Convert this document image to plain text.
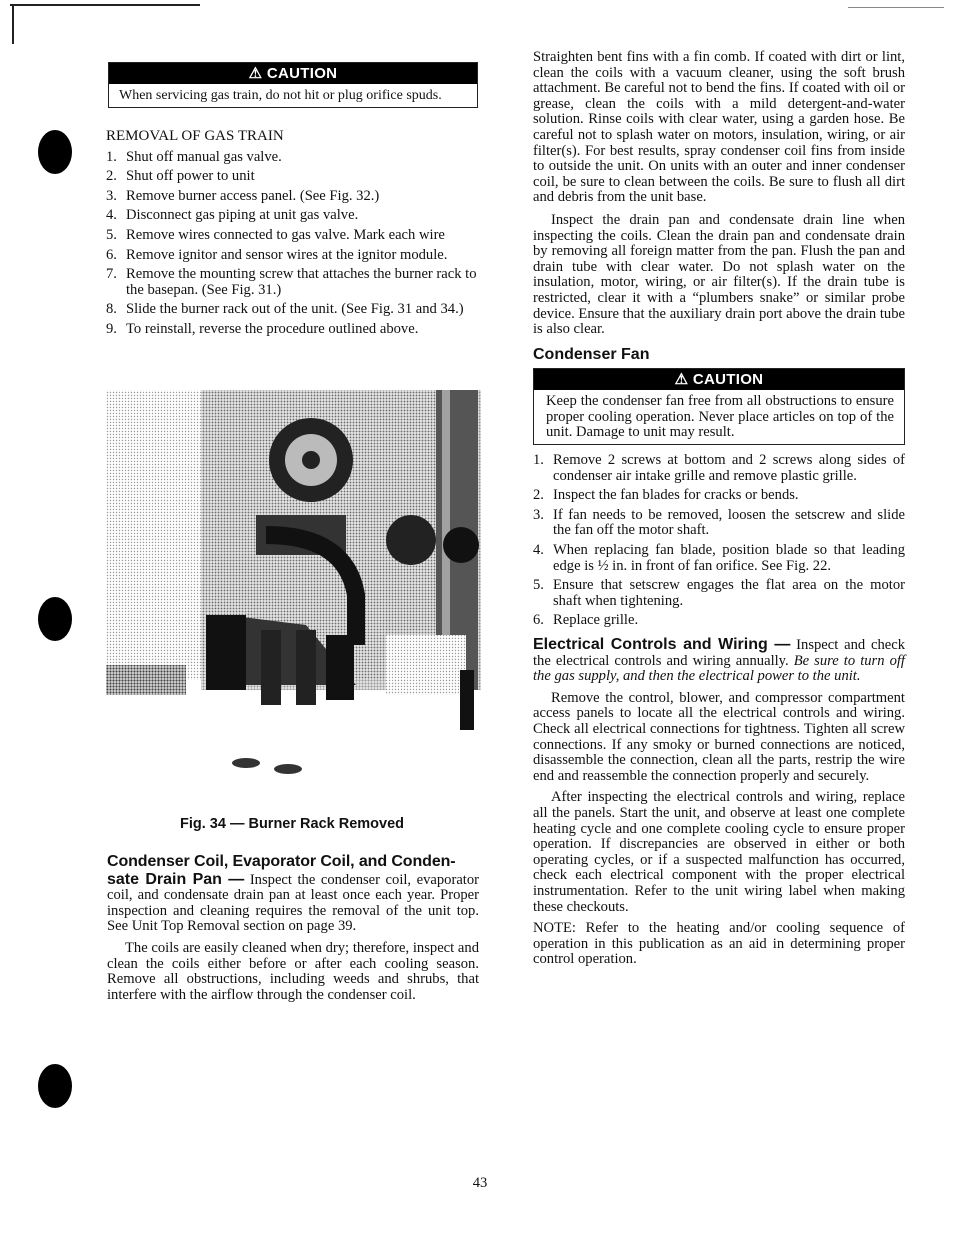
⚠ CAUTION
When servicing gas train, do not hit or plug orifice spuds.

REMOVAL OF GAS TRAIN

1. Shut off manual gas valve.
2. Shut off power to unit
3. Remove burner access panel. (See Fig. 32.)
4. Disconnect gas piping at unit gas valve.
5. Remove wires connected to gas valve. Mark each wire
6. Remove ignitor and sensor wires at the ignitor module.
7. Remove the mounting screw that attaches the burner rack to the basepan. (See Fig. 31.)
8. Slide the burner rack out of the unit. (See Fig. 31 and 34.)
9. To reinstall, reverse the procedure outlined above.
Fig. 34 — Burner Rack Removed
Condenser Coil, Evaporator Coil, and Conden-

sate Drain Pan — Inspect the condenser coil, evaporator coil, and condensate drain pan at least once each year. Proper inspection and cleaning requires the removal of the unit top. See Unit Top Removal section on page 39.

The coils are easily cleaned when dry; therefore, inspect and clean the coils either before or after each cooling season. Remove all obstructions, including weeds and shrubs, that interfere with the airflow through the condenser coil.

Straighten bent fins with a fin comb. If coated with dirt or lint, clean the coils with a vacuum cleaner, using the soft brush attachment. Be careful not to bend the fins. If coated with oil or grease, clean the coils with a mild detergent-and-water solution. Rinse coils with clear water, using a garden hose. Be careful not to splash water on motors, insulation, wiring, or air filter(s). For best results, spray condenser coil fins from inside to outside the unit. On units with an outer and inner condenser coil, be sure to clean between the coils. Be sure to flush all dirt and debris from the unit base.

Inspect the drain pan and condensate drain line when inspecting the coils. Clean the drain pan and condensate drain by removing all foreign matter from the pan. Flush the pan and drain tube with clear water. Do not splash water on the insulation, motor, wiring, or air filter(s). If the drain tube is restricted, clear it with a “plumbers snake” or similar probe device. Ensure that the auxiliary drain port above the drain tube is also clear.

Condenser Fan
⚠ CAUTION
Keep the condenser fan free from all obstructions to ensure proper cooling operation. Never place articles on top of the unit. Damage to unit may result.
1. Remove 2 screws at bottom and 2 screws along sides of condenser air intake grille and remove plastic grille.
2. Inspect the fan blades for cracks or bends.
3. If fan needs to be removed, loosen the setscrew and slide the fan off the motor shaft.
4. When replacing fan blade, position blade so that leading edge is ½ in. in front of fan orifice. See Fig. 22.
5. Ensure that setscrew engages the flat area on the motor shaft when tightening.
6. Replace grille.

Electrical Controls and Wiring — Inspect and check the electrical controls and wiring annually. Be sure to turn off the gas supply, and then the electrical power to the unit.

Remove the control, blower, and compressor compartment access panels to locate all the electrical controls and wiring. Check all electrical connections for tightness. Tighten all screw connections. If any smoky or burned connections are noticed, disassemble the connection, clean all the parts, restrip the wire end and reassemble the connection properly and securely.

After inspecting the electrical controls and wiring, replace all the panels. Start the unit, and observe at least one complete heating cycle and one complete cooling cycle to ensure proper operation. If discrepancies are observed in either or both operating cycles, or if a suspected malfunction has occurred, check each electrical component with the proper electrical instrumentation. Refer to the unit wiring label when making these checkouts.

NOTE: Refer to the heating and/or cooling sequence of operation in this publication as an aid in determining proper control operation.

43
